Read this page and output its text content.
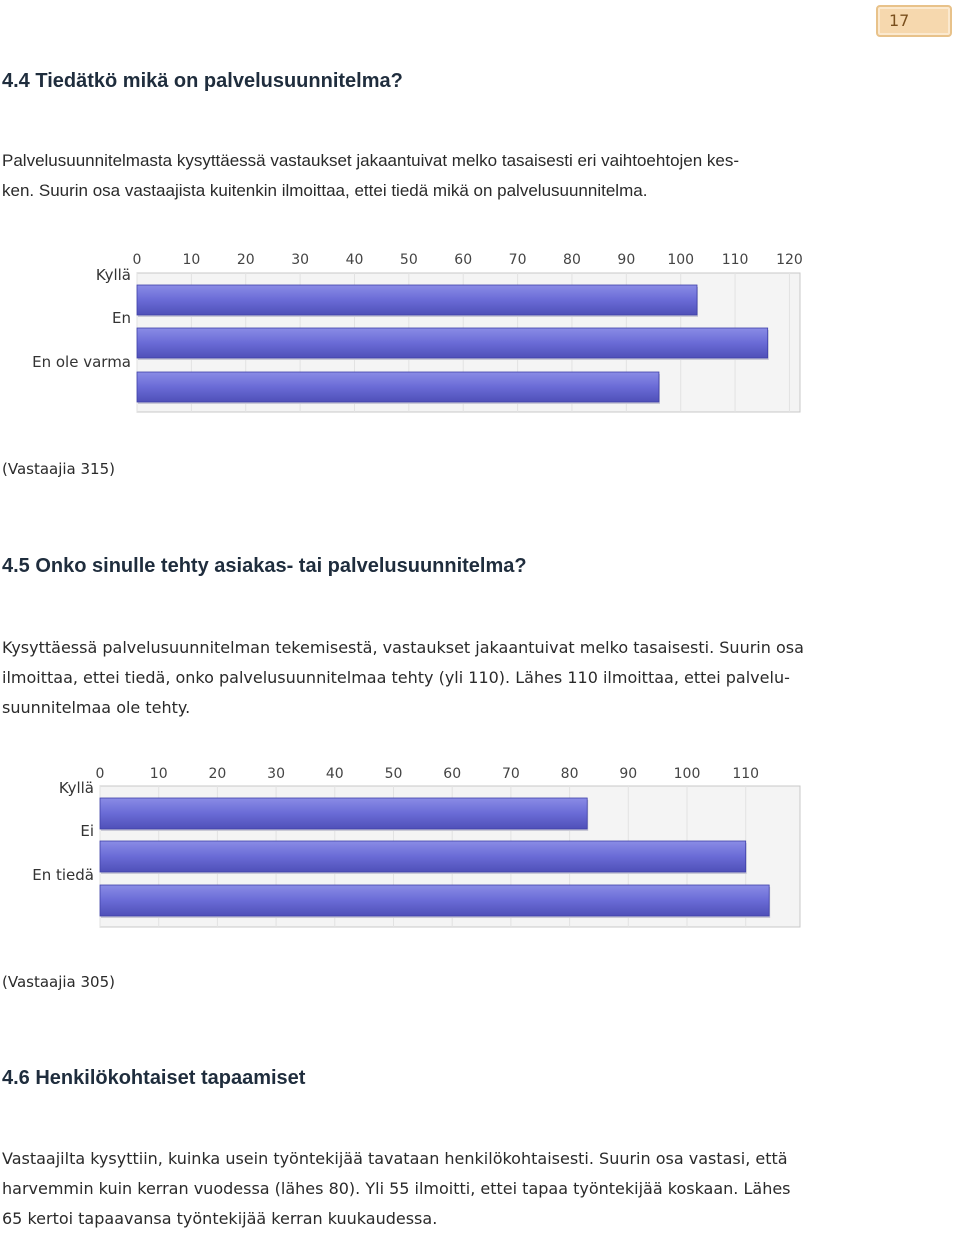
17
4.4 Tiedätkö mikä on palvelusuunnitelma?
Palvelusuunnitelmasta kysyttäessä vastaukset jakaantuivat melko tasaisesti eri vaihtoehtojen kes-
ken. Suurin osa vastaajista kuitenkin ilmoittaa, ettei tiedä mikä on palvelusuunnitelma.
0	10	20	30	40	50	60	70	80	90 100 110 120
Kyllä
En
En ole varma
(Vastaajia 315)
4.5 Onko sinulle tehty asiakas- tai palvelusuunnitelma?
Kysyttäessä palvelusuunnitelman tekemisestä, vastaukset jakaantuivat melko tasaisesti. Suurin osa
ilmoittaa, ettei tiedä, onko palvelusuunnitelmaa tehty (yli 110). Lähes 110 ilmoittaa, ettei palvelu-
suunnitelmaa ole tehty.
0	10	20	30	40	50	60	70	80	90	100 110
Kyllä
Ei
En tiedä
(Vastaajia 305)
4.6 Henkilökohtaiset tapaamiset
Vastaajilta kysyttiin, kuinka usein työntekijää tavataan henkilökohtaisesti. Suurin osa vastasi, että
harvemmin kuin kerran vuodessa (lähes 80). Yli 55 ilmoitti, ettei tapaa työntekijää koskaan. Lähes
65 kertoi tapaavansa työntekijää kerran kuukaudessa.
